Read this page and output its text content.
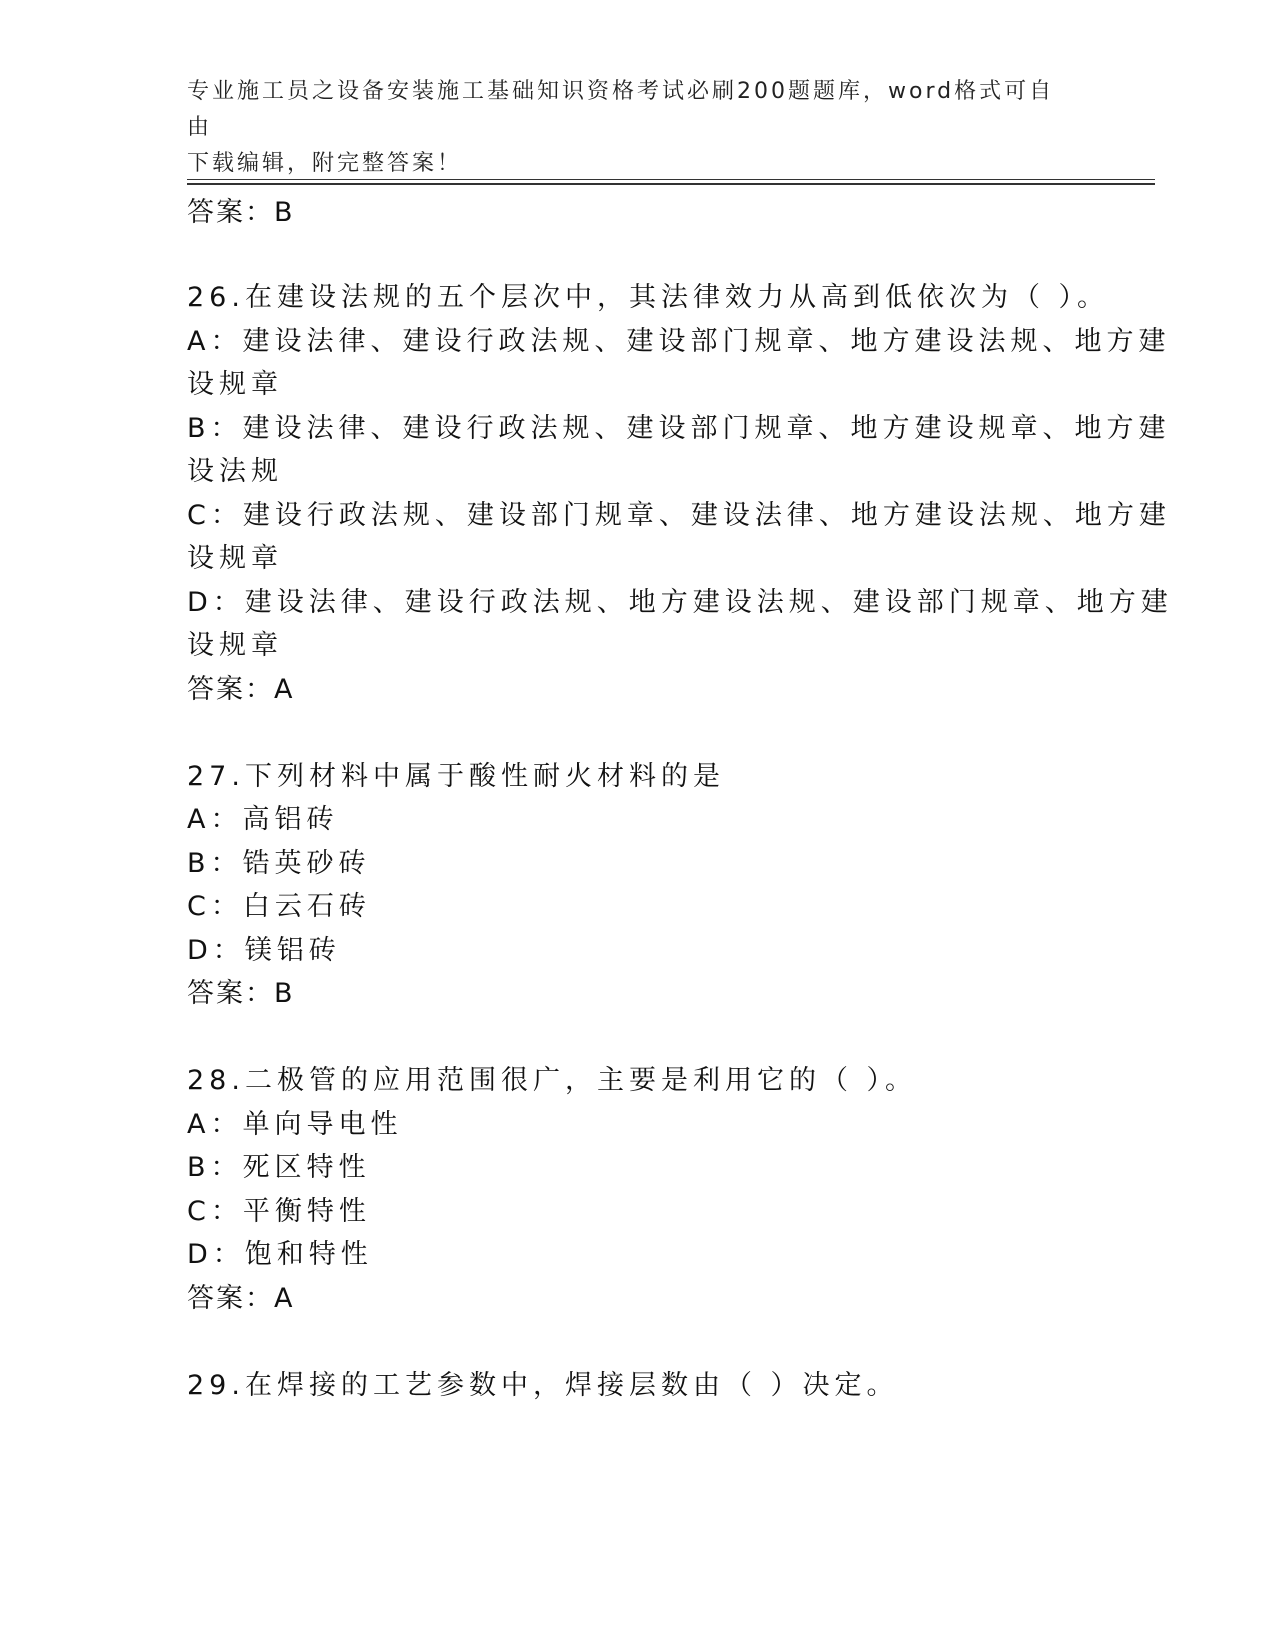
专业施工员之设备安装施工基础知识资格考试必刷200题题库，word格式可自由
下载编辑，附完整答案！
答案：B
26.在建设法规的五个层次中，其法律效力从高到低依次为（ ）。
A：建设法律、建设行政法规、建设部门规章、地方建设法规、地方建
设规章
B：建设法律、建设行政法规、建设部门规章、地方建设规章、地方建
设法规
C：建设行政法规、建设部门规章、建设法律、地方建设法规、地方建
设规章
D：建设法律、建设行政法规、地方建设法规、建设部门规章、地方建
设规章
答案：A
27.下列材料中属于酸性耐火材料的是
A：高铝砖
B：锆英砂砖
C：白云石砖
D：镁铝砖
答案：B
28.二极管的应用范围很广，主要是利用它的（ ）。
A：单向导电性
B：死区特性
C：平衡特性
D：饱和特性
答案：A
29.在焊接的工艺参数中，焊接层数由（ ）决定。
